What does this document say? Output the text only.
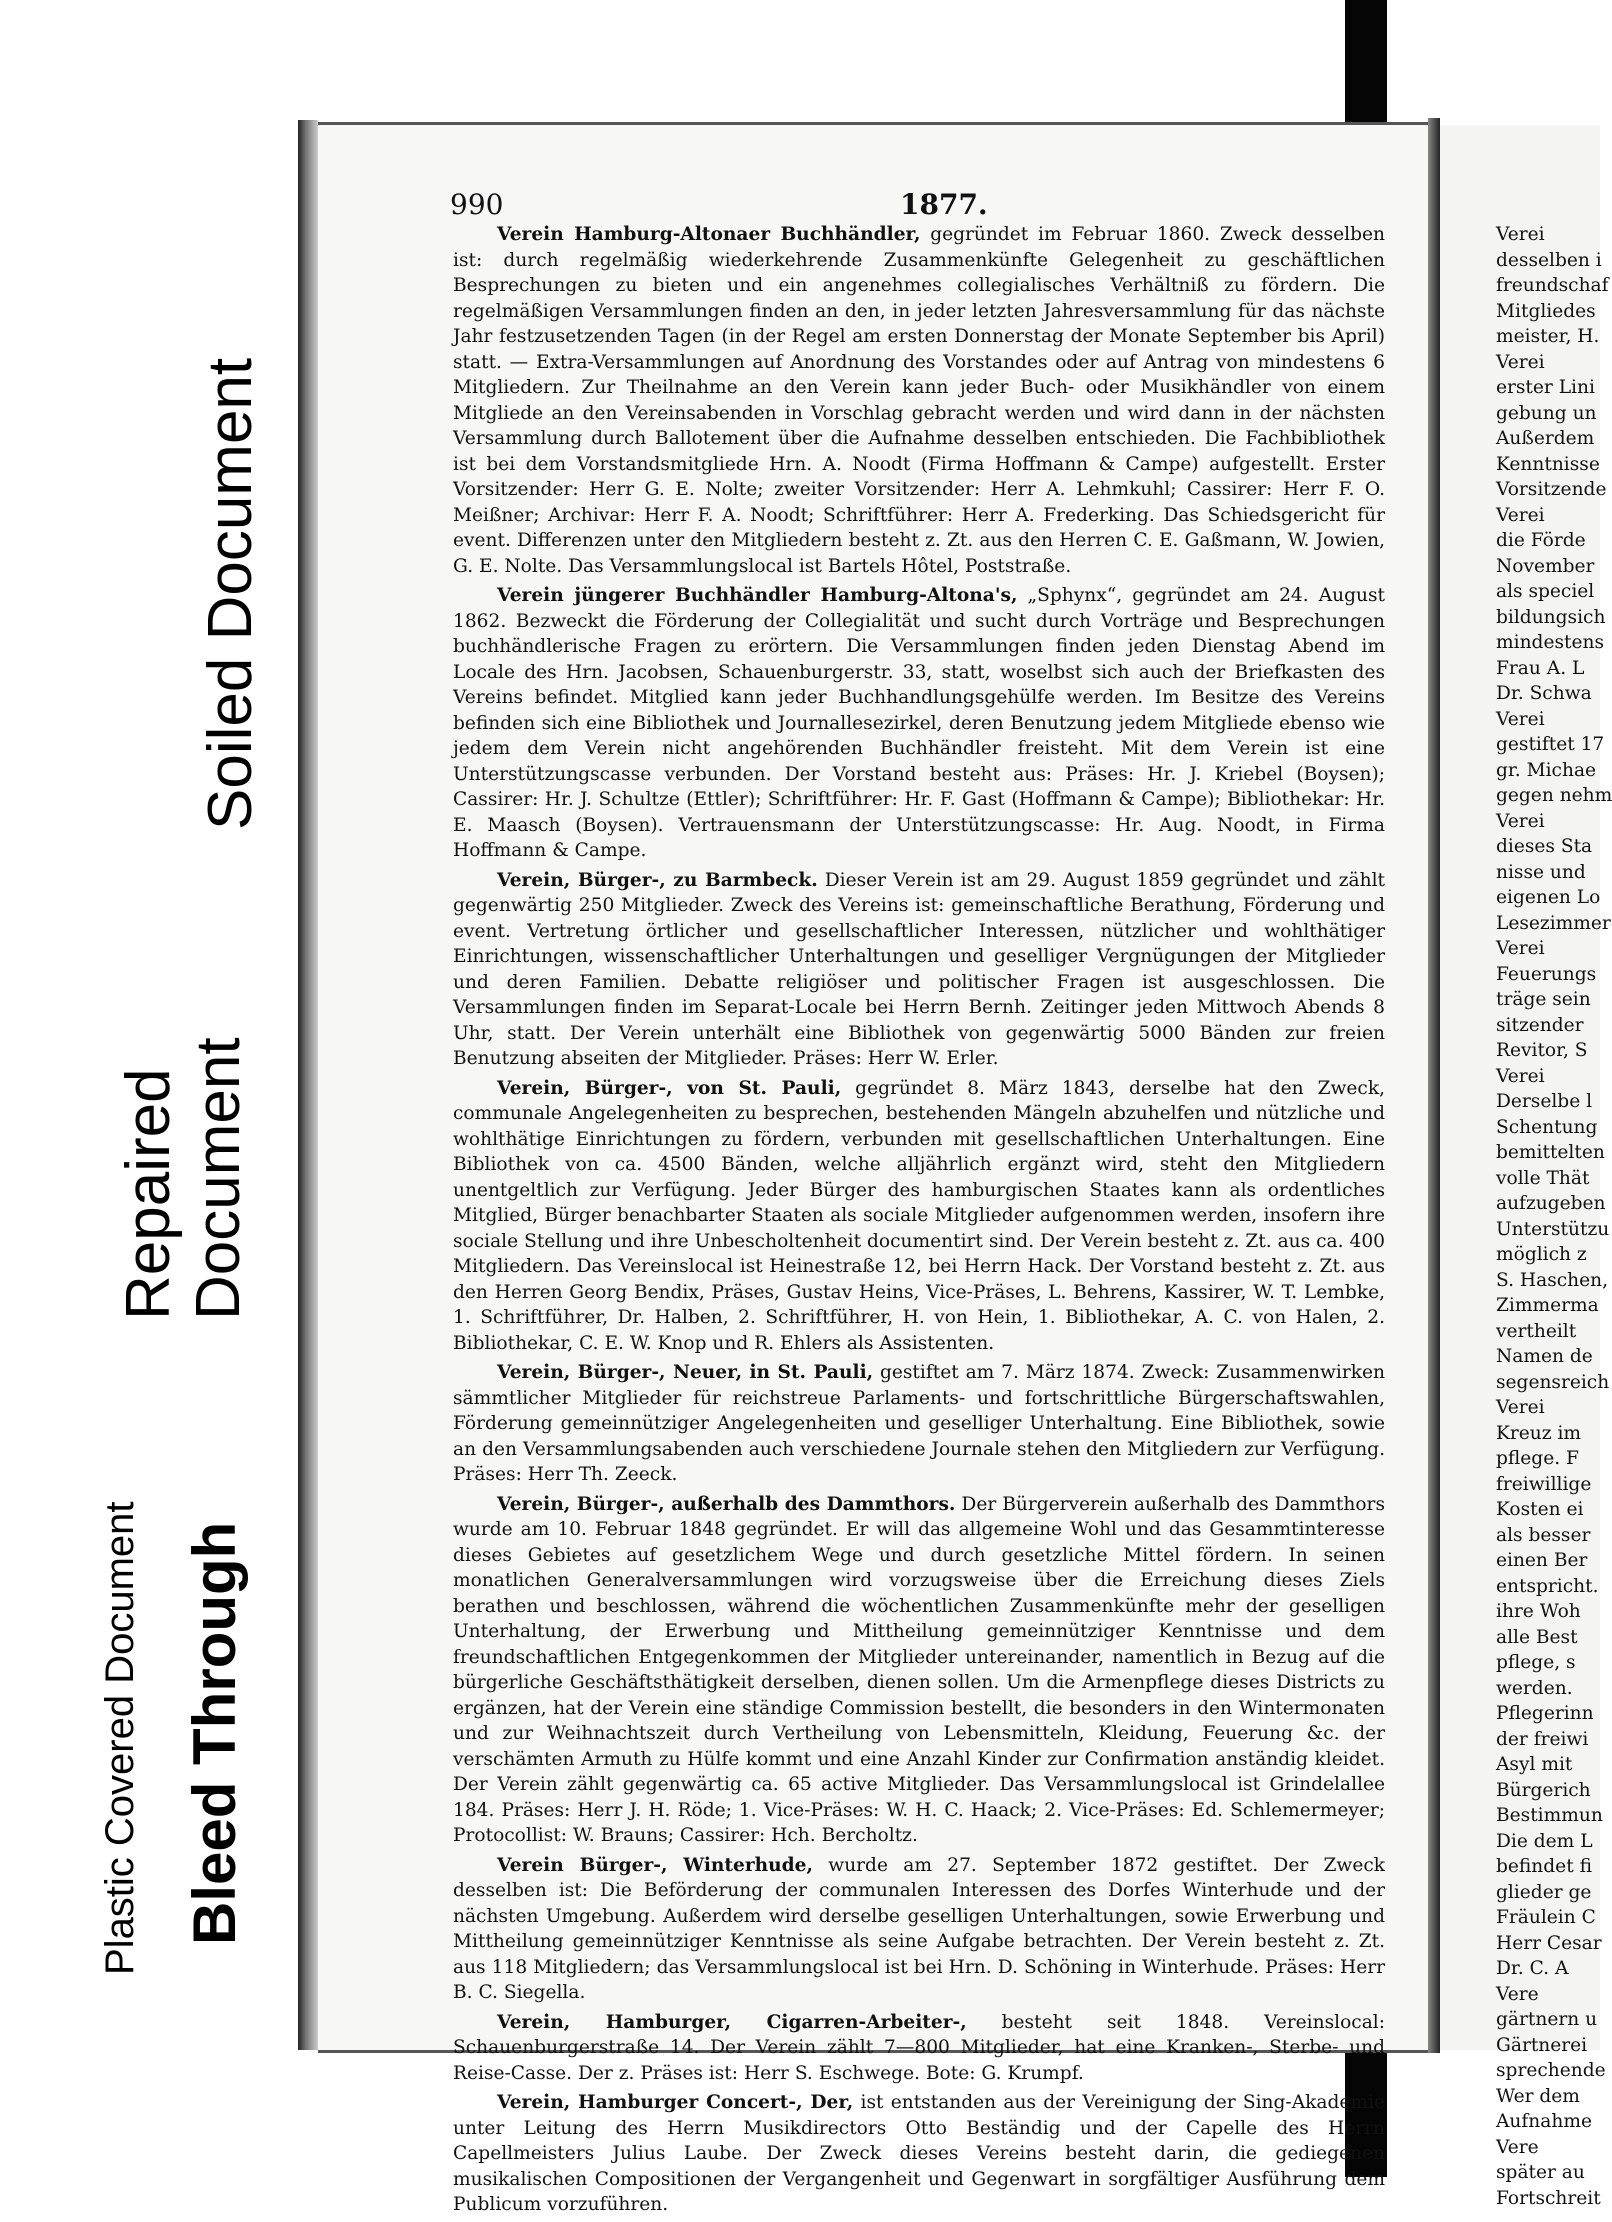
Plastic Covered Document Bleed Through
Repaired Document
Soiled Document
990	1877.

Verein Hamburg-Altonaer Buchhändler, gegründet im Februar 1860. Zweck desselben ist: durch regelmäßig wiederkehrende Zusammenkünfte Gelegenheit zu geschäftlichen Besprechungen zu bieten und ein angenehmes collegialisches Verhältniß zu fördern. Die regelmäßigen Versammlungen finden an den, in jeder letzten Jahresversammlung für das nächste Jahr festzusetzenden Tagen (in der Regel am ersten Donnerstag der Monate September bis April) statt. — Extra-Versammlungen auf Anordnung des Vorstandes oder auf Antrag von mindestens 6 Mitgliedern. Zur Theilnahme an den Verein kann jeder Buch- oder Musikhändler von einem Mitgliede an den Vereinsabenden in Vorschlag gebracht werden und wird dann in der nächsten Versammlung durch Ballotement über die Aufnahme desselben entschieden. Die Fachbibliothek ist bei dem Vorstandsmitgliede Hrn. A. Noodt (Firma Hoffmann & Campe) aufgestellt. Erster Vorsitzender: Herr G. E. Nolte; zweiter Vorsitzender: Herr A. Lehmkuhl; Cassirer: Herr F. O. Meißner; Archivar: Herr F. A. Noodt; Schriftführer: Herr A. Frederking. Das Schiedsgericht für event. Differenzen unter den Mitgliedern besteht z. Zt. aus den Herren C. E. Gaßmann, W. Jowien, G. E. Nolte. Das Versammlungslocal ist Bartels Hôtel, Poststraße.

Verein jüngerer Buchhändler Hamburg-Altona's, „Sphynx“, gegründet am 24. August 1862. Bezweckt die Förderung der Collegialität und sucht durch Vorträge und Besprechungen buchhändlerische Fragen zu erörtern. Die Versammlungen finden jeden Dienstag Abend im Locale des Hrn. Jacobsen, Schauenburgerstr. 33, statt, woselbst sich auch der Briefkasten des Vereins befindet. Mitglied kann jeder Buchhandlungsgehülfe werden. Im Besitze des Vereins befinden sich eine Bibliothek und Journallesezirkel, deren Benutzung jedem Mitgliede ebenso wie jedem dem Verein nicht angehörenden Buchhändler freisteht. Mit dem Verein ist eine Unterstützungscasse verbunden. Der Vorstand besteht aus: Präses: Hr. J. Kriebel (Boysen); Cassirer: Hr. J. Schultze (Ettler); Schriftführer: Hr. F. Gast (Hoffmann & Campe); Bibliothekar: Hr. E. Maasch (Boysen). Vertrauensmann der Unterstützungscasse: Hr. Aug. Noodt, in Firma Hoffmann & Campe.

Verein, Bürger-, zu Barmbeck. Dieser Verein ist am 29. August 1859 gegründet und zählt gegenwärtig 250 Mitglieder. Zweck des Vereins ist: gemeinschaftliche Berathung, Förderung und event. Vertretung örtlicher und gesellschaftlicher Interessen, nützlicher und wohlthätiger Einrichtungen, wissenschaftlicher Unterhaltungen und geselliger Vergnügungen der Mitglieder und deren Familien. Debatte religiöser und politischer Fragen ist ausgeschlossen. Die Versammlungen finden im Separat-Locale bei Herrn Bernh. Zeitinger jeden Mittwoch Abends 8 Uhr, statt. Der Verein unterhält eine Bibliothek von gegenwärtig 5000 Bänden zur freien Benutzung abseiten der Mitglieder. Präses: Herr W. Erler.

Verein, Bürger-, von St. Pauli, gegründet 8. März 1843, derselbe hat den Zweck, communale Angelegenheiten zu besprechen, bestehenden Mängeln abzuhelfen und nützliche und wohlthätige Einrichtungen zu fördern, verbunden mit gesellschaftlichen Unterhaltungen. Eine Bibliothek von ca. 4500 Bänden, welche alljährlich ergänzt wird, steht den Mitgliedern unentgeltlich zur Verfügung. Jeder Bürger des hamburgischen Staates kann als ordentliches Mitglied, Bürger benachbarter Staaten als sociale Mitglieder aufgenommen werden, insofern ihre sociale Stellung und ihre Unbescholtenheit documentirt sind. Der Verein besteht z. Zt. aus ca. 400 Mitgliedern. Das Vereinslocal ist Heinestraße 12, bei Herrn Hack. Der Vorstand besteht z. Zt. aus den Herren Georg Bendix, Präses, Gustav Heins, Vice-Präses, L. Behrens, Kassirer, W. T. Lembke, 1. Schriftführer, Dr. Halben, 2. Schriftführer, H. von Hein, 1. Bibliothekar, A. C. von Halen, 2. Bibliothekar, C. E. W. Knop und R. Ehlers als Assistenten.

Verein, Bürger-, Neuer, in St. Pauli, gestiftet am 7. März 1874. Zweck: Zusammenwirken sämmtlicher Mitglieder für reichstreue Parlaments- und fortschrittliche Bürgerschaftswahlen, Förderung gemeinnütziger Angelegenheiten und geselliger Unterhaltung. Eine Bibliothek, sowie an den Versammlungsabenden auch verschiedene Journale stehen den Mitgliedern zur Verfügung. Präses: Herr Th. Zeeck.

Verein, Bürger-, außerhalb des Dammthors. Der Bürgerverein außerhalb des Dammthors wurde am 10. Februar 1848 gegründet. Er will das allgemeine Wohl und das Gesammtinteresse dieses Gebietes auf gesetzlichem Wege und durch gesetzliche Mittel fördern. In seinen monatlichen Generalversammlungen wird vorzugsweise über die Erreichung dieses Ziels berathen und beschlossen, während die wöchentlichen Zusammenkünfte mehr der geselligen Unterhaltung, der Erwerbung und Mittheilung gemeinnütziger Kenntnisse und dem freundschaftlichen Entgegenkommen der Mitglieder untereinander, namentlich in Bezug auf die bürgerliche Geschäftsthätigkeit derselben, dienen sollen. Um die Armenpflege dieses Districts zu ergänzen, hat der Verein eine ständige Commission bestellt, die besonders in den Wintermonaten und zur Weihnachtszeit durch Vertheilung von Lebensmitteln, Kleidung, Feuerung &c. der verschämten Armuth zu Hülfe kommt und eine Anzahl Kinder zur Confirmation anständig kleidet. Der Verein zählt gegenwärtig ca. 65 active Mitglieder. Das Versammlungslocal ist Grindelallee 184. Präses: Herr J. H. Röde; 1. Vice-Präses: W. H. C. Haack; 2. Vice-Präses: Ed. Schlemermeyer; Protocollist: W. Brauns; Cassirer: Hch. Bercholtz.

Verein Bürger-, Winterhude, wurde am 27. September 1872 gestiftet. Der Zweck desselben ist: Die Beförderung der communalen Interessen des Dorfes Winterhude und der nächsten Umgebung. Außerdem wird derselbe geselligen Unterhaltungen, sowie Erwerbung und Mittheilung gemeinnütziger Kenntnisse als seine Aufgabe betrachten. Der Verein besteht z. Zt. aus 118 Mitgliedern; das Versammlungslocal ist bei Hrn. D. Schöning in Winterhude. Präses: Herr B. C. Siegella.

Verein, Hamburger, Cigarren-Arbeiter-, besteht seit 1848. Vereinslocal: Schauenburgerstraße 14. Der Verein zählt 7—800 Mitglieder, hat eine Kranken-, Sterbe- und Reise-Casse. Der z. Präses ist: Herr S. Eschwege. Bote: G. Krumpf.

Verein, Hamburger Concert-, Der, ist entstanden aus der Vereinigung der Sing-Akademie unter Leitung des Herrn Musikdirectors Otto Beständig und der Capelle des Herrn Capellmeisters Julius Laube. Der Zweck dieses Vereins besteht darin, die gediegenen musikalischen Compositionen der Vergangenheit und Gegenwart in sorgfältiger Ausführung dem Publicum vorzuführen.

Verei
desselben i
freundschaf
Mitgliedes
meister, H.
Verei
erster Lini
gebung un
Außerdem
Kenntnisse
Vorsitzende
Verei
die Förde
November
als speciel
bildungsich
mindestens
Frau A. L
Dr. Schwa
Verei
gestiftet 17
gr. Michae
gegen nehm
Verei
dieses Sta
nisse und
eigenen Lo
Lesezimmer
Verei
Feuerungs
träge sein
sitzender
Revitor, S
Verei
Derselbe l
Schentung
bemittelten
volle Thät
aufzugeben
Unterstützu
möglich z
S. Haschen,
Zimmerma
vertheilt
Namen de
segensreich
Verei
Kreuz im
pflege. F
freiwillige
Kosten ei
als besser
einen Ber
entspricht.
ihre Woh
alle Best
pflege, s
werden.
Pflegerinn
der freiwi
Asyl mit
Bürgerich
Bestimmun
Die dem L
befindet fi
glieder ge
Fräulein C
Herr Cesar
Dr. C. A
Vere
gärtnern u
Gärtnerei
sprechende
Wer dem
Aufnahme
Vere
später au
Fortschreit
